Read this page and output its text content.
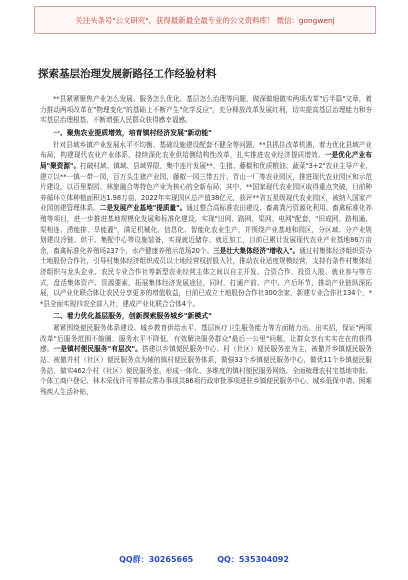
关注头条号"公文研究"，获得最新最全最专业的公文资料库！ 微信：gongwenj
探索基层治理发展新路径工作经验材料

**县紧紧聚焦产业怎么发展、服务怎么优化、基层怎么治理等问题，做深做细做实两项改革"后半篇"文章，着力推动两项改革在"物理变化"的基础上不断产生"化学反应"，充分释放改革发展红利，切实提高基层治理能力和夯实基层治理根基，不断增强人民群众获得感幸福感。

一、聚焦农业提质增效，培育镇村经济发展"新动能"

针对县域乡镇产业发展水平不均衡、基础设施建设配套不健全等问题，**县抓住改革机遇，着力优化县域产业布局，构建现代农业产业体系，持续深化农业供给侧结构性改革，扎实推进农业经济提质增效。一是优化产业布局"聚资源"。打破村域、镇域、县域界限，集中连片发展**、生猪、藤椒和优质粮油、蔬菜"3+2"农业主导产业，建立以**一镇一带一园，百万头生猪产业园、藤椒一园三带五片、青山一厂等农业园区，推进现代农业园区和示范片建设，以百里梨园、林旅融合等特色产业为核心的全新布局，其中，**国家现代农业园区取得重点突破，目前种养循环立体种植面积达1.98万亩，2022年实现园区总产值38亿元，获评**省五星级现代农业园区，被纳入国家产业园创建管理体系。二是发展产业基地"提质量"。通过整合高标准农田建设、畜禽粪污资源化利用、畜禽标准化养殖等项目，进一步推进基地规模化发展和标准化建设，实现"田网、路网、渠网、电网"配套，"旧成网、路相通、渠相连、涝能排、旱能灌"，满足机械化、信息化、智能化农业生产，并围绕产业基地和园区，分区域、分产业规划建设冷链、烘干、集配中心等设施装备，实现就近储存、就近加工，目前已累计发展现代农业产业基地86万亩余，畜禽标准化养殖场237个，水产健康养殖示范场20个。三是壮大集体经济"增收入"。通过村集体经济组织资办土地股份合作社，引导村集体经济组织成员以土地经营权折股入社，推动农业适度规模经营，支持有条件村集体经济组织与龙头企业、农民专业合作社等新型农业经营主体之间以自主开发、合资合作、投资入股、就业参与等方式，盘活集体资产、资源要素，拓展集体经济发展途径，同时，打通产前、产中、产后环节，推动产业链纵深拓展，以产业化联合体让农民分享更多的增值收益，目前已成立土地股份合作社300余家，新建专业合作社134个，**县全面实现四农全部入社，建成产业化联合合体4个。

二、着力优化基层服务，创新探索服务城乡"新模式"

紧紧围绕便民服务体系建设、城乡教育供给水平、基层医疗卫生服务能力等方面精力出。出实招，保证"两项改革"后服务范围不缩圈、服务水平不降低，有效解决服务群众"最后一公里"问题，让群众享有实实在在的获得感。一是镇村便民服务"有层次"。搭建以乡镇便民服务中心、村（社区）便民服务室为主，被撤并乡镇便民服务站、被撤并村（社区）便民服务点为辅的镇村便民服务体系，做强33个乡镇便民服务中心，做优11个乡镇便民服务站，做实462个村（社区）便民服务室，形成一体化、多维度的镇村便民服务网络。全面梳理农村宅基地审批、个体工商户登记、林木采伐许可等群众常办事项共86项行政审批事项进驻乡镇便民服务中心，城乡低保申请、困难残疾人生活补贴、

QQ群：30265665	QQ：535304092
